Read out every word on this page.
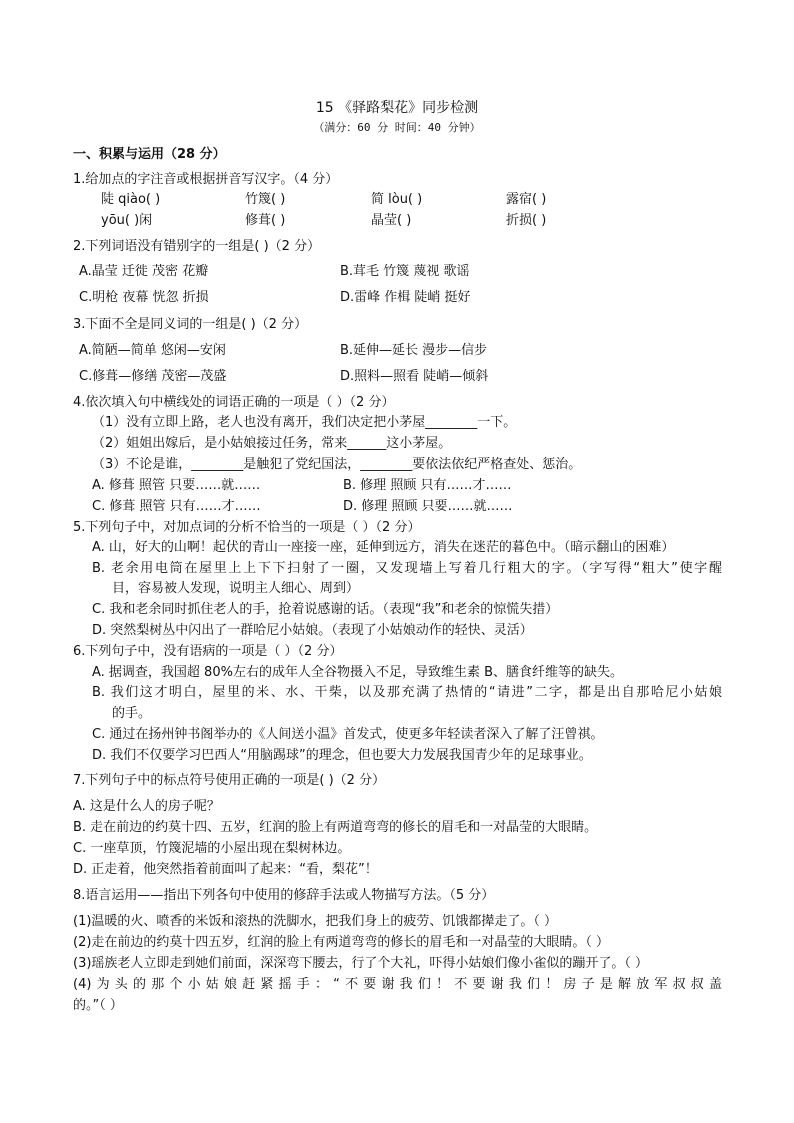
15 《驿路梨花》同步检测
（满分：60 分 时间：40 分钟）
一、积累与运用（28 分）
1.给加点的字注音或根据拼音写汉字。（4 分）
陡 qiào( )	竹篾( )	简 lòu( )	露宿( )
yōu( )闲	修葺( )	晶莹( )	折损( )
2.下列词语没有错别字的一组是( )（2 分）
A.晶莹 迁徙 茂密 花瓣	B.茸毛 竹篾 蔑视 歌谣
C.明枪 夜幕 恍忽 折损	D.雷峰 作楫 陡峭 挺好
3.下面不全是同义词的一组是( )（2 分）
A.简陋—简单 悠闲—安闲	B.延伸—延长 漫步—信步
C.修葺—修缮 茂密—茂盛	D.照料—照看 陡峭—倾斜
4.依次填入句中横线处的词语正确的一项是（ ）（2 分）
（1）没有立即上路，老人也没有离开，我们决定把小茅屋________一下。
（2）姐姐出嫁后，是小姑娘接过任务，常来______这小茅屋。
（3）不论是谁，________是触犯了党纪国法，________要依法依纪严格查处、惩治。
A. 修葺 照管 只要……就……	B. 修理 照顾 只有……才……
C. 修葺 照管 只有……才……	D. 修理 照顾 只要……就……
5.下列句子中，对加点词的分析不恰当的一项是（ ）（2 分）
A. 山，好大的山啊！起伏的青山一座接一座，延伸到远方，消失在迷茫的暮色中。（暗示翻山的困难）
B. 老余用电筒在屋里上上下下扫射了一圈，又发现墙上写着几行粗大的字。（字写得“粗大”使字醒
目，容易被人发现，说明主人细心、周到）
C. 我和老余同时抓住老人的手，抢着说感谢的话。（表现“我”和老余的惊慌失措）
D. 突然梨树丛中闪出了一群哈尼小姑娘。（表现了小姑娘动作的轻快、灵活）
6.下列句子中，没有语病的一项是（ ）（2 分）
A. 据调查，我国超 80%左右的成年人全谷物摄入不足，导致维生素 B、膳食纤维等的缺失。
B. 我们这才明白，屋里的米、水、干柴，以及那充满了热情的“请进”二字，都是出自那哈尼小姑娘
的手。
C. 通过在扬州钟书阁举办的《人间送小温》首发式，使更多年轻读者深入了解了汪曾祺。
D. 我们不仅要学习巴西人“用脑踢球”的理念，但也要大力发展我国青少年的足球事业。
7.下列句子中的标点符号使用正确的一项是( )（2 分）
A. 这是什么人的房子呢？
B. 走在前边的约莫十四、五岁，红润的脸上有两道弯弯的修长的眉毛和一对晶莹的大眼睛。
C. 一座草顶，竹篾泥墙的小屋出现在梨树林边。
D. 正走着，他突然指着前面叫了起来：“看，梨花”！
8.语言运用——指出下列各句中使用的修辞手法或人物描写方法。（5 分）
(1)温暖的火、喷香的米饭和滚热的洗脚水，把我们身上的疲劳、饥饿都撵走了。（ ）
(2)走在前边的约莫十四五岁，红润的脸上有两道弯弯的修长的眉毛和一对晶莹的大眼睛。（ ）
(3)瑶族老人立即走到她们前面，深深弯下腰去，行了个大礼，吓得小姑娘们像小雀似的蹦开了。（ ）
(4)为头的那个小姑娘赶紧摇手：“不要谢我们！不要谢我们！房子是解放军叔叔盖
的。”（ ）
